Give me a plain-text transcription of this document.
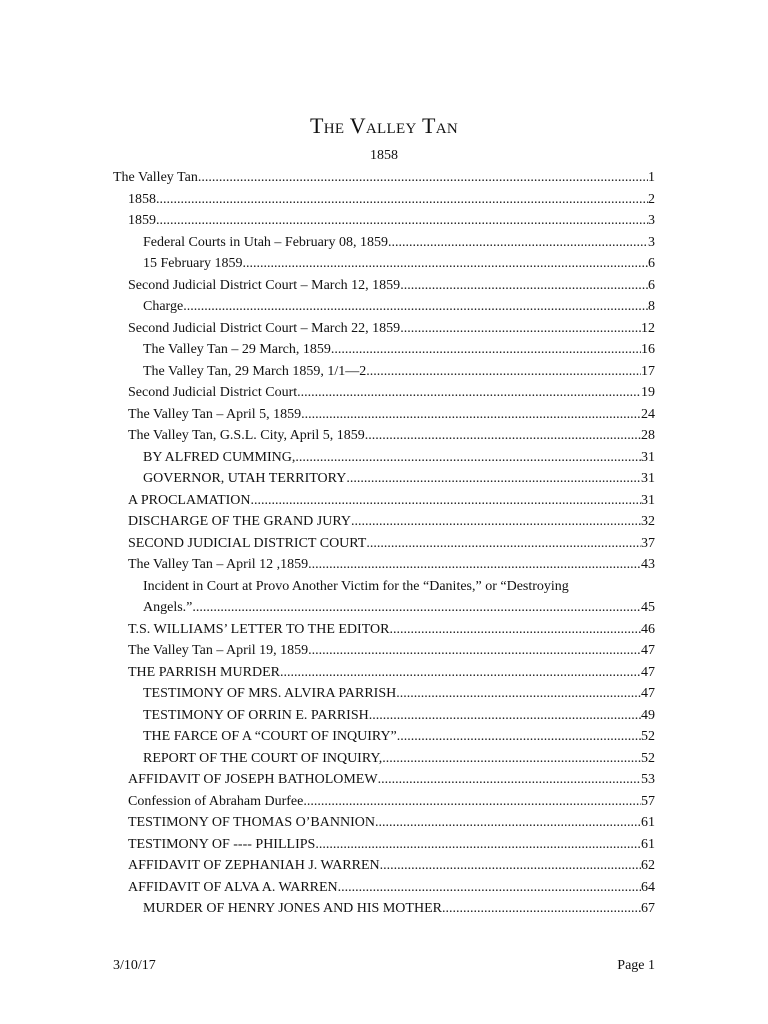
The Valley Tan
1858
The Valley Tan .....	1
1858 .....	2
1859 .....	3
Federal Courts in Utah – February 08, 1859 .....	3
15 February 1859 .....	6
Second Judicial District Court – March 12, 1859 .....	6
Charge .....	8
Second Judicial District Court – March 22, 1859 .....	12
The Valley Tan – 29 March, 1859 .....	16
The Valley Tan, 29 March 1859, 1/1—2 .....	17
Second Judicial District Court .....	19
The Valley Tan – April 5, 1859 .....	24
The Valley Tan, G.S.L. City, April 5, 1859 .....	28
BY ALFRED CUMMING, .....	31
GOVERNOR, UTAH TERRITORY .....	31
A PROCLAMATION .....	31
DISCHARGE OF THE GRAND JURY .....	32
SECOND JUDICIAL DISTRICT COURT .....	37
The Valley Tan – April 12 ,1859 .....	43
Incident in Court at Provo Another Victim for the “Danites,” or “Destroying
Angels.” .....	45
T.S. WILLIAMS’ LETTER TO THE EDITOR .....	46
The Valley Tan – April 19, 1859 .....	47
THE PARRISH MURDER .....	47
TESTIMONY OF MRS. ALVIRA PARRISH .....	47
TESTIMONY OF ORRIN E. PARRISH .....	49
THE FARCE OF A “COURT OF INQUIRY” .....	52
REPORT OF THE COURT OF INQUIRY, .....	52
AFFIDAVIT OF JOSEPH BATHOLOMEW .....	53
Confession of Abraham Durfee .....	57
TESTIMONY OF THOMAS O’BANNION .....	61
TESTIMONY OF ---- PHILLIPS .....	61
AFFIDAVIT OF ZEPHANIAH J. WARREN .....	62
AFFIDAVIT OF ALVA A. WARREN .....	64
MURDER OF HENRY JONES AND HIS MOTHER .....	67
3/10/17	Page 1
